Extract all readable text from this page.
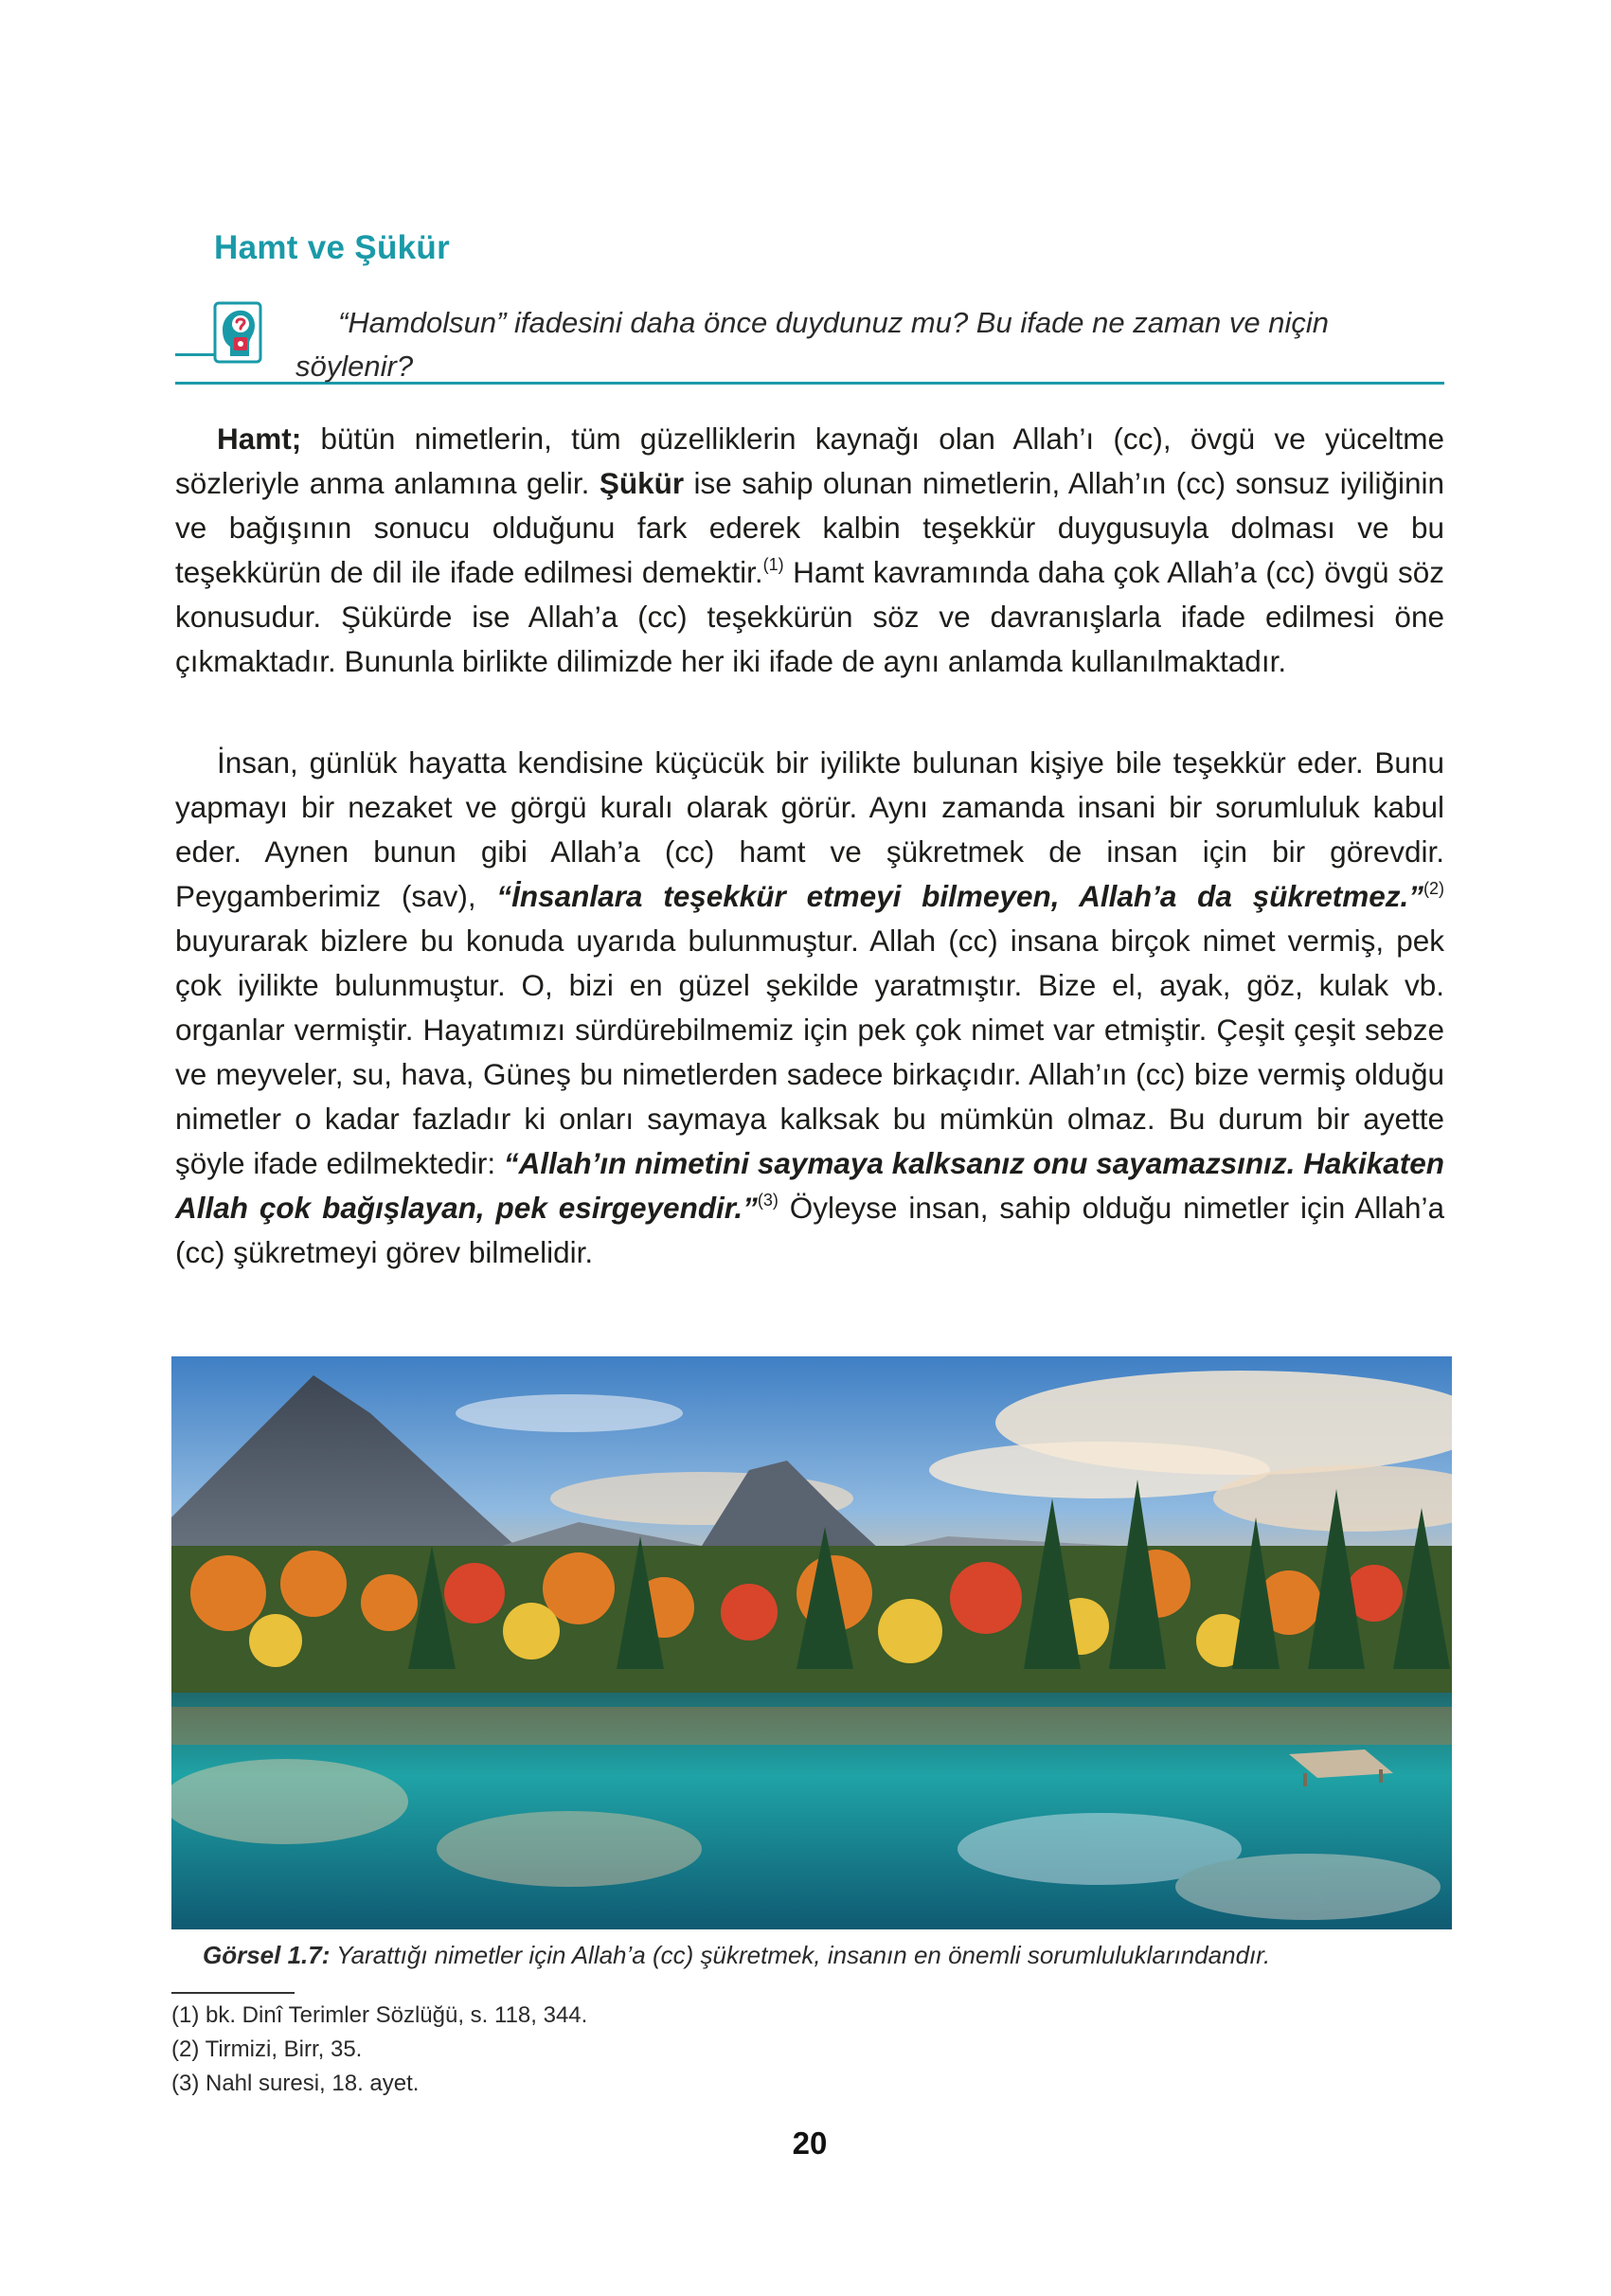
Hamt ve Şükür
“Hamdolsun” ifadesini daha önce duydunuz mu? Bu ifade ne zaman ve niçin
söylenir?
Hamt; bütün nimetlerin, tüm güzelliklerin kaynağı olan Allah’ı (cc), övgü ve yüceltme sözleriyle anma anlamına gelir. Şükür ise sahip olunan nimetlerin, Allah’ın (cc) sonsuz iyiliğinin ve bağışının sonucu olduğunu fark ederek kalbin teşekkür duygusuyla dolması ve bu teşekkürün de dil ile ifade edilmesi demektir.$^{(1)}$ Hamt kavramında daha çok Allah’a (cc) övgü söz konusudur. Şükürde ise Allah’a (cc) teşekkürün söz ve davranışlarla ifade edilmesi öne çıkmaktadır. Bununla birlikte dilimizde her iki ifade de aynı anlamda kullanılmaktadır.
İnsan, günlük hayatta kendisine küçücük bir iyilikte bulunan kişiye bile teşekkür eder. Bunu yapmayı bir nezaket ve görgü kuralı olarak görür. Aynı zamanda insani bir sorumluluk kabul eder. Aynen bunun gibi Allah’a (cc) hamt ve şükretmek de insan için bir görevdir. Peygamberimiz (sav), “İnsanlara teşekkür etmeyi bilmeyen, Allah’a da şükretmez.”$^{(2)}$ buyurarak bizlere bu konuda uyarıda bulunmuştur. Allah (cc) insana birçok nimet vermiş, pek çok iyilikte bulunmuştur. O, bizi en güzel şekilde yaratmıştır. Bize el, ayak, göz, kulak vb. organlar vermiştir. Hayatımızı sürdürebilmemiz için pek çok nimet var etmiştir. Çeşit çeşit sebze ve meyveler, su, hava, Güneş bu nimetlerden sadece birkaçıdır. Allah’ın (cc) bize vermiş olduğu nimetler o kadar fazladır ki onları saymaya kalksak bu mümkün olmaz. Bu durum bir ayette şöyle ifade edilmektedir: “Allah’ın nimetini saymaya kalksanız onu sayamazsınız. Hakikaten Allah çok bağışlayan, pek esirgeyendir.”$^{(3)}$ Öyleyse insan, sahip olduğu nimetler için Allah’a (cc) şükretmeyi görev bilmelidir.
Görsel 1.7: Yarattığı nimetler için Allah’a (cc) şükretmek, insanın en önemli sorumluluklarındandır.
(1) bk. Dinî Terimler Sözlüğü, s. 118, 344.
(2) Tirmizi, Birr, 35.
(3) Nahl suresi, 18. ayet.
20
